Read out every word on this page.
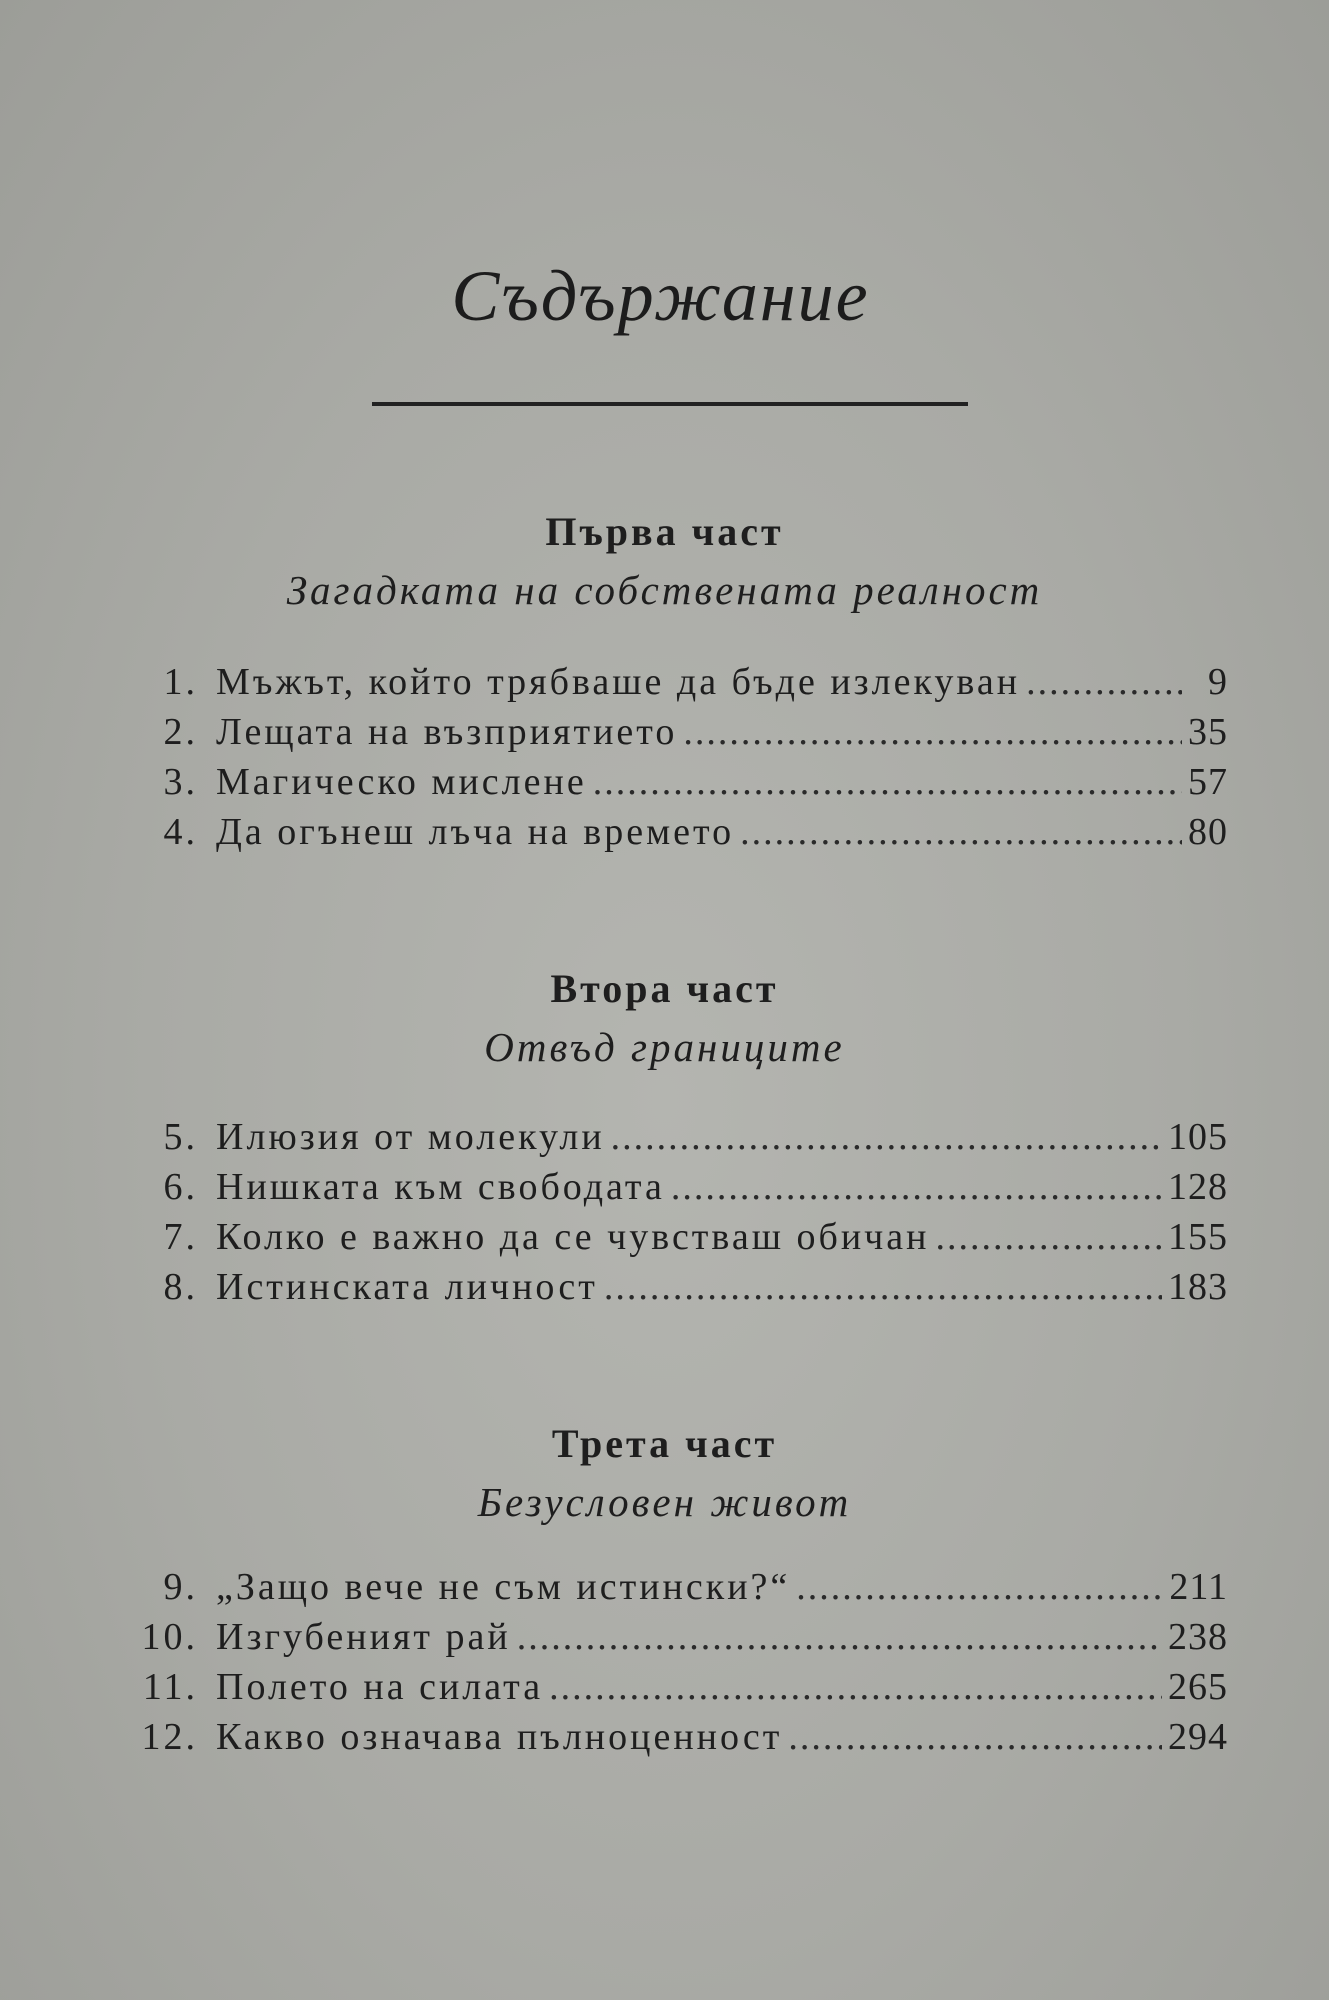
Съдържание
Първа част
Загадката на собствената реалност
1. Мъжът, който трябваше да бъде излекуван .....	9
2. Лещата на възприятието .....	35
3. Магическо мислене .....	57
4. Да огънеш лъча на времето .....	80
Втора част
Отвъд границите
5. Илюзия от молекули .....	105
6. Нишката към свободата .....	128
7. Колко е важно да се чувстваш обичан .....	155
8. Истинската личност .....	183
Трета част
Безусловен живот
9. „Защо вече не съм истински?“ .....	211
10. Изгубеният рай .....	238
11. Полето на силата .....	265
12. Какво означава пълноценност .....	294
